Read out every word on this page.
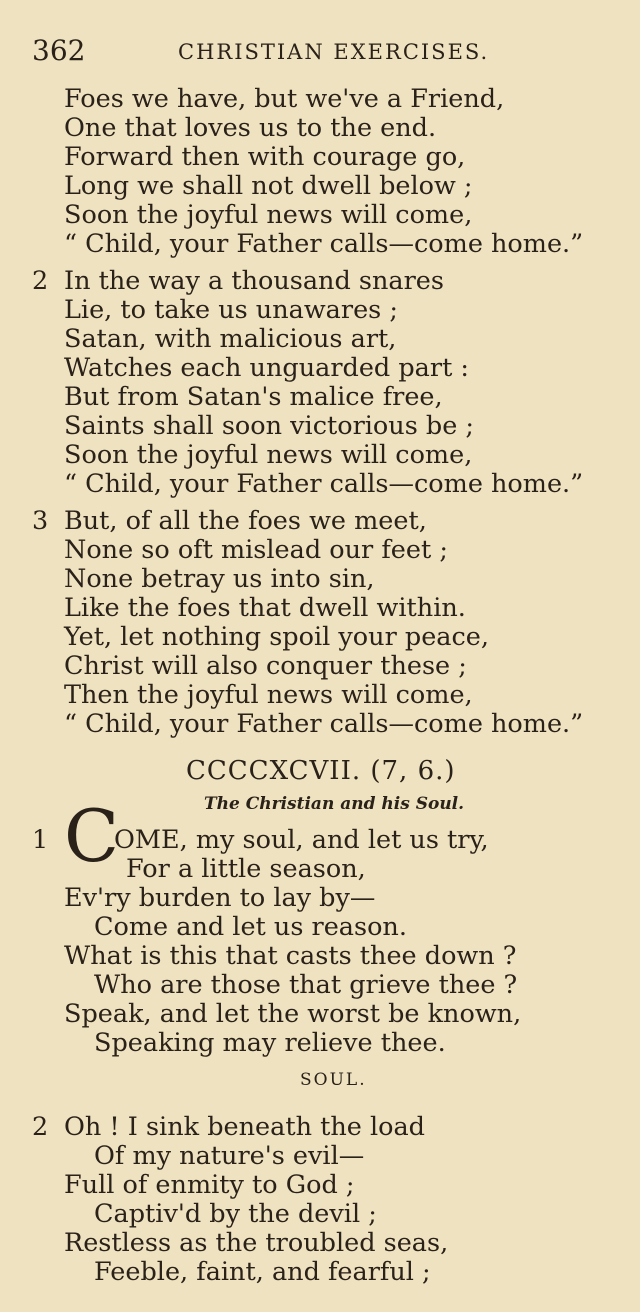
362	CHRISTIAN EXERCISES.
Foes we have, but we've a Friend,
One that loves us to the end.
Forward then with courage go,
Long we shall not dwell below ;
Soon the joyful news will come,
“ Child, your Father calls—come home.”
2 In the way a thousand snares
Lie, to take us unawares ;
Satan, with malicious art,
Watches each unguarded part :
But from Satan's malice free,
Saints shall soon victorious be ;
Soon the joyful news will come,
“ Child, your Father calls—come home.”
3 But, of all the foes we meet,
None so oft mislead our feet ;
None betray us into sin,
Like the foes that dwell within.
Yet, let nothing spoil your peace,
Christ will also conquer these ;
Then the joyful news will come,
“ Child, your Father calls—come home.”
CCCCXCVII. (7, 6.)
The Christian and his Soul.
1 C
OME, my soul, and let us try,
For a little season,
Ev'ry burden to lay by—
Come and let us reason.
What is this that casts thee down ?
Who are those that grieve thee ?
Speak, and let the worst be known,
Speaking may relieve thee.
SOUL.
2 Oh ! I sink beneath the load
Of my nature's evil—
Full of enmity to God ;
Captiv'd by the devil ;
Restless as the troubled seas,
Feeble, faint, and fearful ;
